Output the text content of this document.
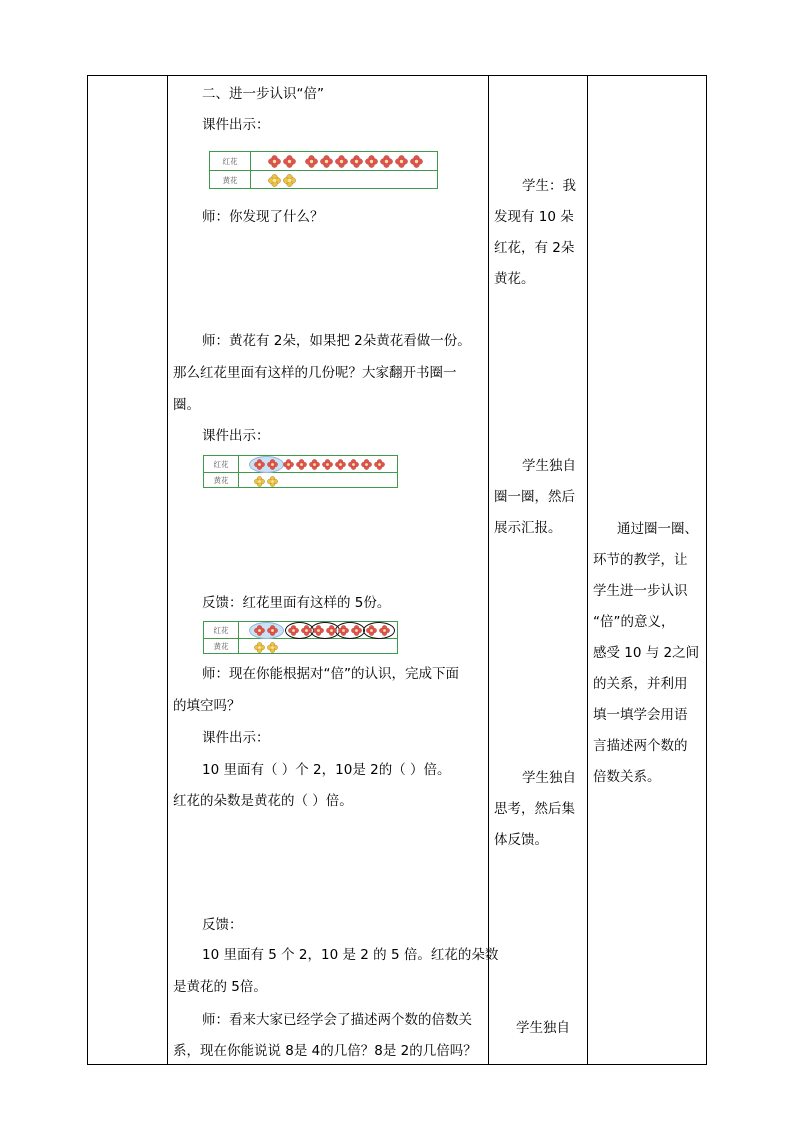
二、进一步认识“倍”
课件出示：
红花
黄花
师：你发现了什么？
师：黄花有 2朵，如果把 2朵黄花看做一份。
那么红花里面有这样的几份呢？大家翻开书圈一
圈。
课件出示：
红花
黄花
反馈：红花里面有这样的 5份。
红花
黄花
师：现在你能根据对“倍”的认识，完成下面
的填空吗？
课件出示：
10 里面有（ ）个 2，10是 2的（ ）倍。
红花的朵数是黄花的（ ）倍。
反馈：
10 里面有 5 个 2，10 是 2 的 5 倍。红花的朵数
是黄花的 5倍。
师：看来大家已经学会了描述两个数的倍数关
系，现在你能说说 8是 4的几倍？8是 2的几倍吗？
学生：我
发现有 10 朵
红花，有 2朵
黄花。
学生独自
圈一圈，然后
展示汇报。
学生独自
思考，然后集
体反馈。
学生独自
通过圈一圈、
环节的教学，让
学生进一步认识
“倍”的意义，
感受 10 与 2之间
的关系，并利用
填一填学会用语
言描述两个数的
倍数关系。
